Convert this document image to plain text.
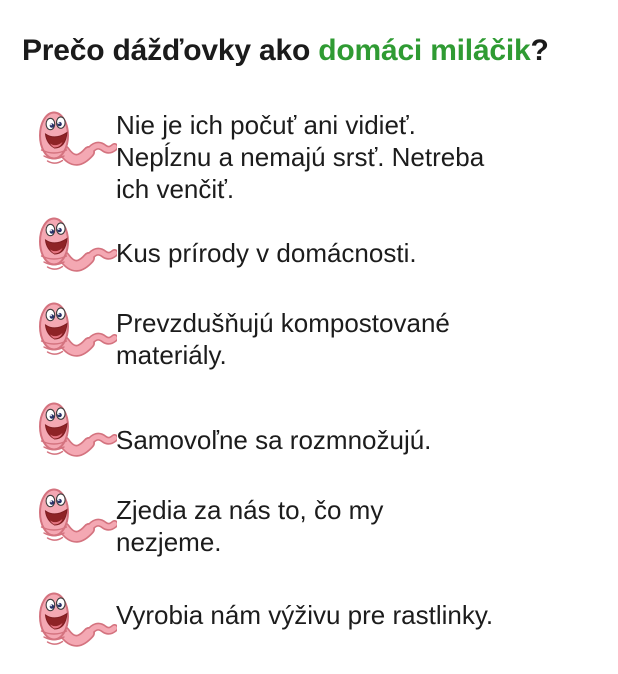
Prečo dážďovky ako domáci miláčik?
Nie je ich počuť ani vidieť.
Nepĺznu a nemajú srsť. Netreba
ich venčiť.
Kus prírody v domácnosti.
Prevzdušňujú kompostované
materiály.
Samovoľne sa rozmnožujú.
Zjedia za nás to, čo my
nezjeme.
Vyrobia nám výživu pre rastlinky.
